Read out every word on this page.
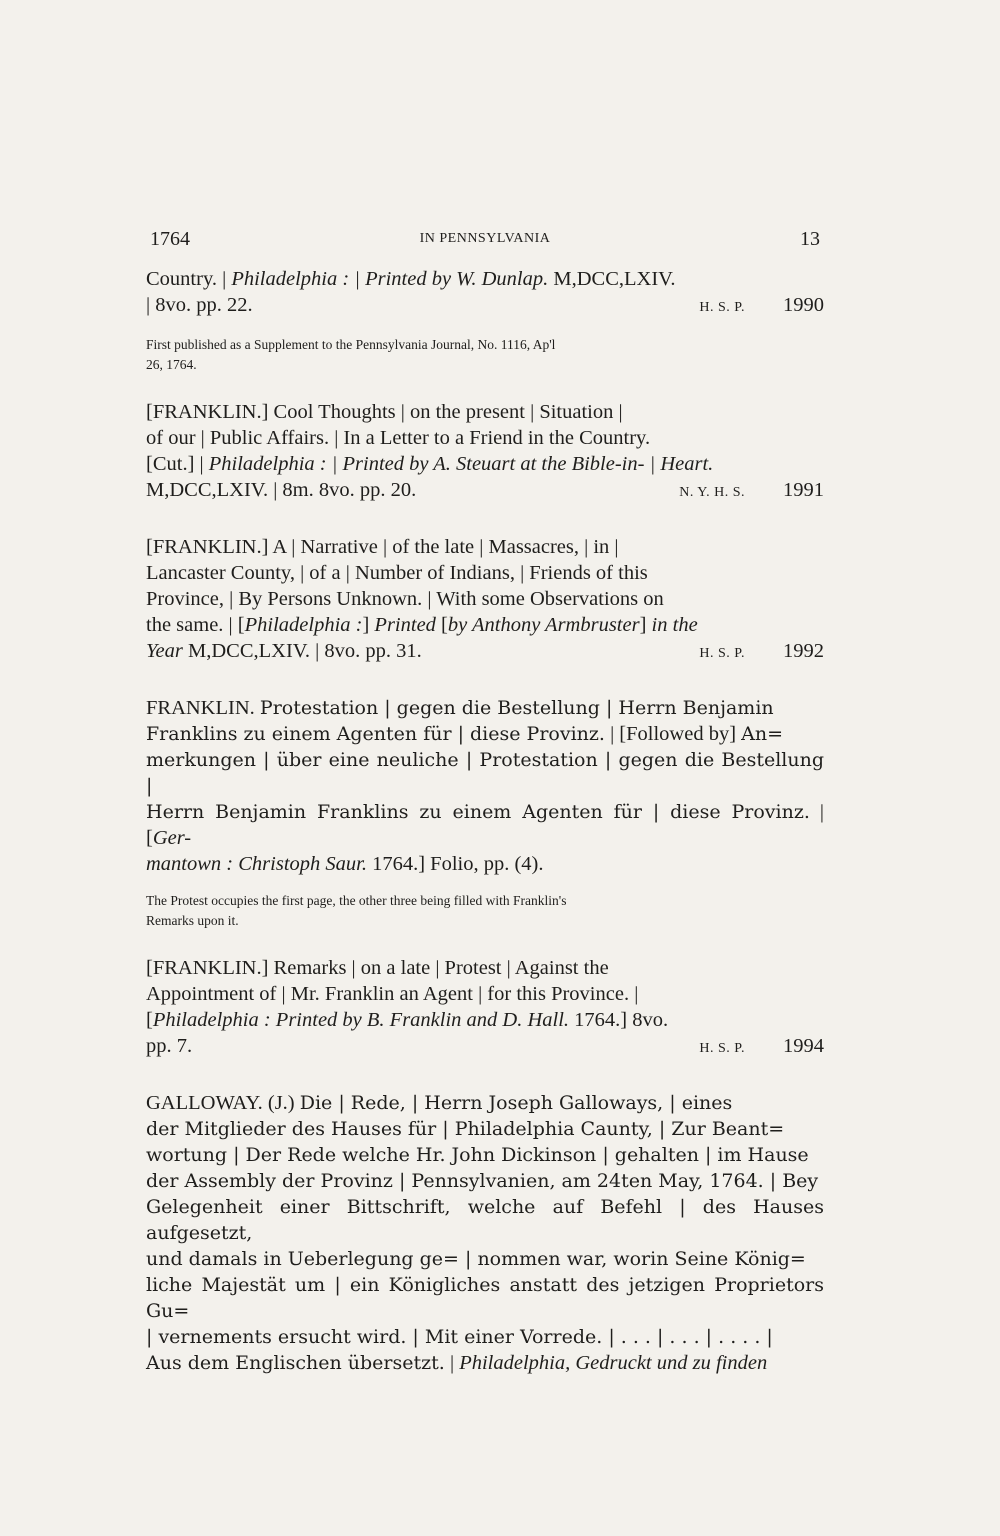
1764	IN PENNSYLVANIA	13
Country. | Philadelphia : | Printed by W. Dunlap. M,DCC,LXIV.
| 8vo. pp. 22.	H. S. P. 1990
First published as a Supplement to the Pennsylvania Journal, No. 1116, Ap'l
26, 1764.
[FRANKLIN.] Cool Thoughts | on the present | Situation |
of our | Public Affairs. | In a Letter to a Friend in the Country.
[Cut.] | Philadelphia : | Printed by A. Steuart at the Bible-in- | Heart.
M,DCC,LXIV. | 8m. 8vo. pp. 20.	N. Y. H. S. 1991
[FRANKLIN.] A | Narrative | of the late | Massacres, | in |
Lancaster County, | of a | Number of Indians, | Friends of this
Province, | By Persons Unknown. | With some Observations on
the same. | [Philadelphia :] Printed [by Anthony Armbruster] in the
Year M,DCC,LXIV. | 8vo. pp. 31.	H. S. P. 1992
FRANKLIN. Protestation | gegen die Bestellung | Herrn Benjamin
Franklins zu einem Agenten für | diese Provinz. | [Followed by] An=
merkungen | über eine neuliche | Protestation | gegen die Bestellung |
Herrn Benjamin Franklins zu einem Agenten für | diese Provinz. | [Ger-
mantown : Christoph Saur. 1764.] Folio, pp. (4).
The Protest occupies the first page, the other three being filled with Franklin's
Remarks upon it.
[FRANKLIN.] Remarks | on a late | Protest | Against the
Appointment of | Mr. Franklin an Agent | for this Province. |
[Philadelphia : Printed by B. Franklin and D. Hall. 1764.] 8vo.
pp. 7.	H. S. P. 1994
GALLOWAY. (J.) Die | Rede, | Herrn Joseph Galloways, | eines
der Mitglieder des Hauses für | Philadelphia Caunty, | Zur Beant=
wortung | Der Rede welche Hr. John Dickinson | gehalten | im Hause
der Assembly der Provinz | Pennsylvanien, am 24ten May, 1764. | Bey
Gelegenheit einer Bittschrift, welche auf Befehl | des Hauses aufgesetzt,
und damals in Ueberlegung ge= | nommen war, worin Seine König=
liche Majestät um | ein Königliches anstatt des jetzigen Proprietors Gu=
| vernements ersucht wird. | Mit einer Vorrede. | . . . | . . . | . . . . |
Aus dem Englischen übersetzt. | Philadelphia, Gedruckt und zu finden
